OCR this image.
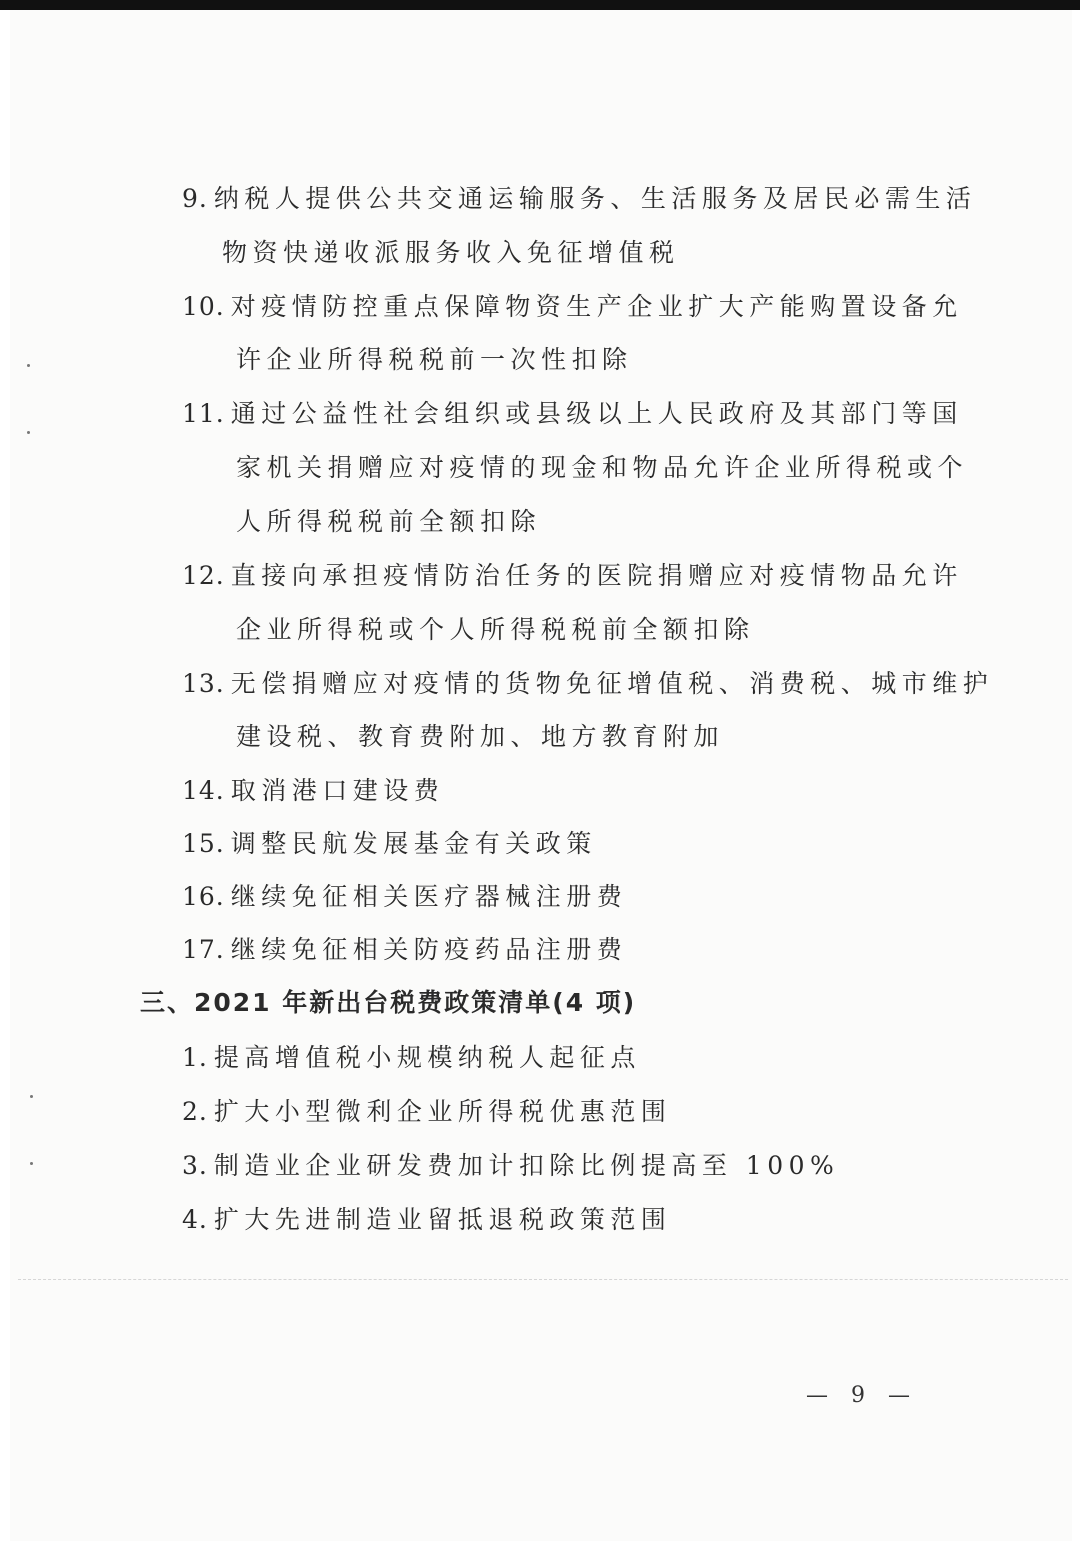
9. 纳税人提供公共交通运输服务、生活服务及居民必需生活
物资快递收派服务收入免征增值税
10. 对疫情防控重点保障物资生产企业扩大产能购置设备允
许企业所得税税前一次性扣除
11. 通过公益性社会组织或县级以上人民政府及其部门等国
家机关捐赠应对疫情的现金和物品允许企业所得税或个
人所得税税前全额扣除
12. 直接向承担疫情防治任务的医院捐赠应对疫情物品允许
企业所得税或个人所得税税前全额扣除
13. 无偿捐赠应对疫情的货物免征增值税、消费税、城市维护
建设税、教育费附加、地方教育附加
14. 取消港口建设费
15. 调整民航发展基金有关政策
16. 继续免征相关医疗器械注册费
17. 继续免征相关防疫药品注册费
三、2021 年新出台税费政策清单(4 项)
1. 提高增值税小规模纳税人起征点
2. 扩大小型微利企业所得税优惠范围
3. 制造业企业研发费加计扣除比例提高至 100%
4. 扩大先进制造业留抵退税政策范围
— 9 —
